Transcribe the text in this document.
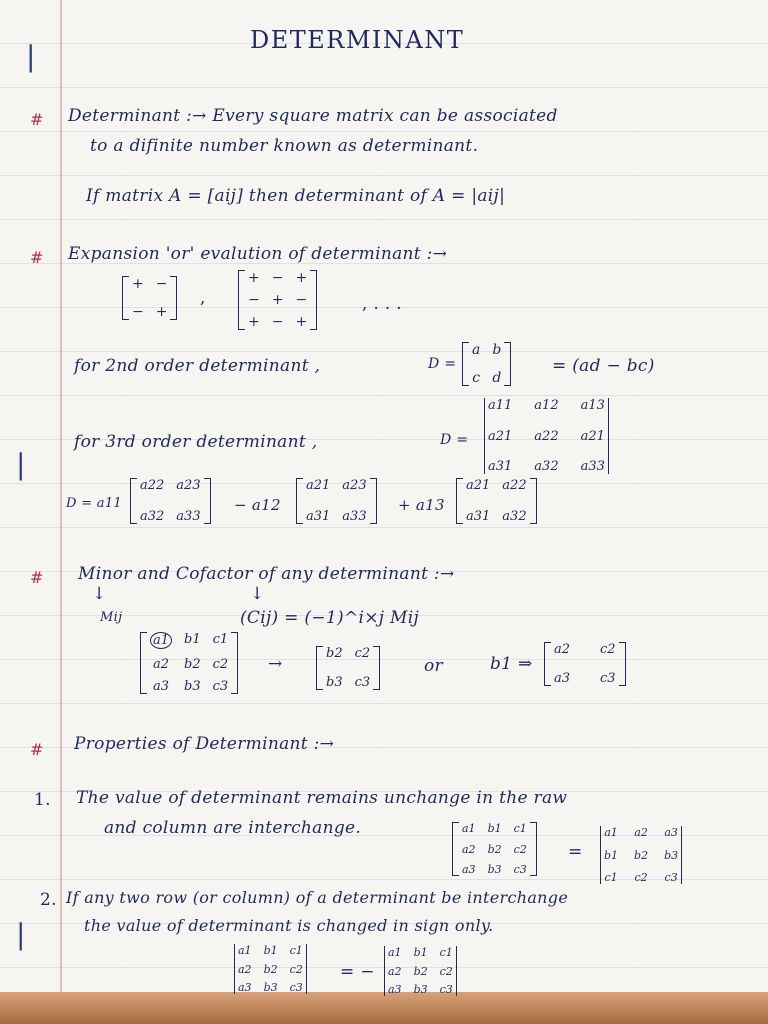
|
|
|
DETERMINANT
# Determinant :→ Every square matrix can be associated
to a difinite number known as determinant.
If matrix A = [aij] then determinant of A = |aij|
# Expansion 'or' evalution of determinant :→
+ −
− +
,
+ − +
− + −
+ − +
, . . .
for 2nd order determinant ,	D =
a b
c d
= (ad − bc)
for 3rd order determinant ,	D =
a11 a12 a13
a21 a22 a21
a31 a32 a33
D = a11
a22 a23
a32 a33
− a12
a21 a23
a31 a33
+ a13
a21 a22
a31 a32
# Minor and Cofactor of any determinant :→
↓	↓
Mij	(Cij) = (−1)^i×j Mij
a1 b1 c1
a2 b2 c2
a3 b3 c3
→
b2 c2
b3 c3
or	b1 ⇒
a2 c2
a3 c3
# Properties of Determinant :→
1. The value of determinant remains unchange in the raw
and column are interchange.	a1 b1 c1
a2 b2 c2
a3 b3 c3
=
a1 a2 a3
b1 b2 b3
c1 c2 c3
2. If any two row (or column) of a determinant be interchange
the value of determinant is changed in sign only.
a1 b1 c1
a2 b2 c2
a3 b3 c3
= −
a1 b1 c1
a2 b2 c2
a3 b3 c3
